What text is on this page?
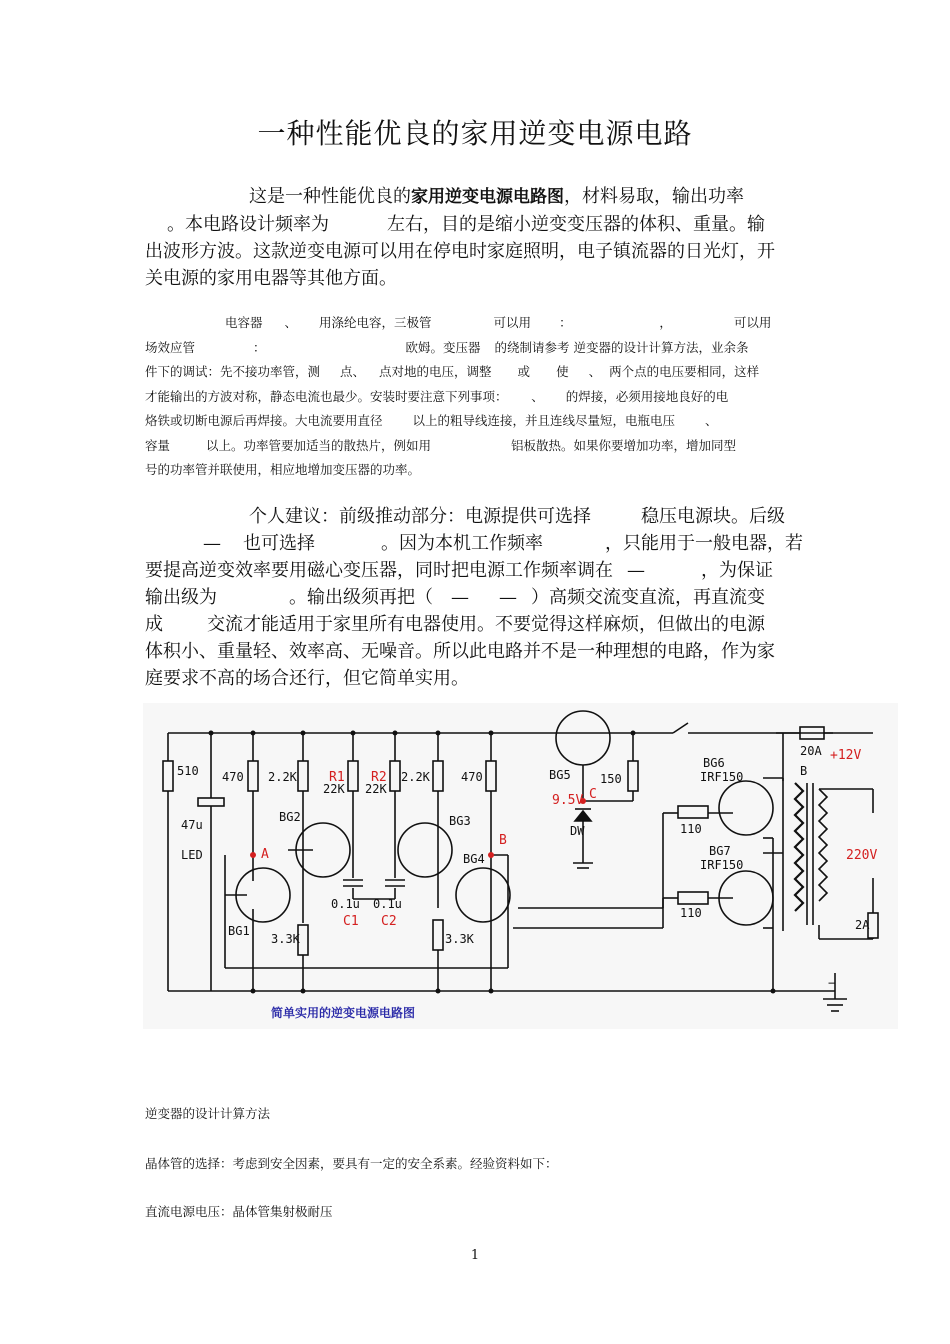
一种性能优良的家用逆变电源电路
这是一种性能优良的家用逆变电源电路图，材料易取，输出功率
。本电路设计频率为	左右，目的是缩小逆变变压器的体积、重量。输
出波形方波。这款逆变电源可以用在停电时家庭照明，电子镇流器的日光灯，开
关电源的家用电器等其他方面。
电容器 、 用涤纶电容，三极管	可以用 ：	，	可以用
场效应管	：	欧姆。变压器 的绕制请参考 逆变器的设计计算方法，业余条
件下的调试：先不接功率管，测 点、 点对地的电压，调整 或 使 、 两个点的电压要相同，这样
才能输出的方波对称，静态电流也最少。安装时要注意下列事项： 、 的焊接，必须用接地良好的电
烙铁或切断电源后再焊接。大电流要用直径 以上的粗导线连接，并且连线尽量短，电瓶电压 、
容量	以上。功率管要加适当的散热片，例如用	铝板散热。如果你要增加功率，增加同型
号的功率管并联使用，相应地增加变压器的功率。
个人建议：前级推动部分：电源提供可选择	稳压电源块。后级
— 也可选择	。因为本机工作频率	，只能用于一般电器，若
要提高逆变效率要用磁心变压器，同时把电源工作频率调在 —	，为保证
输出级为	。输出级须再把（ — — ）高频交流变直流，再直流变
成 交流才能适用于家里所有电器使用。不要觉得这样麻烦，但做出的电源
体积小、重量轻、效率高、无噪音。所以此电路并不是一种理想的电路，作为家
庭要求不高的场合还行，但它简单实用。
510
47u
LED
BG1
470 2.2K
3.3K
BG2
22K 22K
0.1u 0.1u
2.2K
BG3
470
BG4
3.3K
BG5
DW
150
BG6
IRF150
BG7
IRF150
110
110
20A
B
2A
−
A
B
C
R1 R2
C1 C2
9.5V
+12V
220V
简单实用的逆变电源电路图

逆变器的设计计算方法

晶体管的选择：考虑到安全因素，要具有一定的安全系素。经验资料如下：

直流电源电压：晶体管集射极耐压

1
